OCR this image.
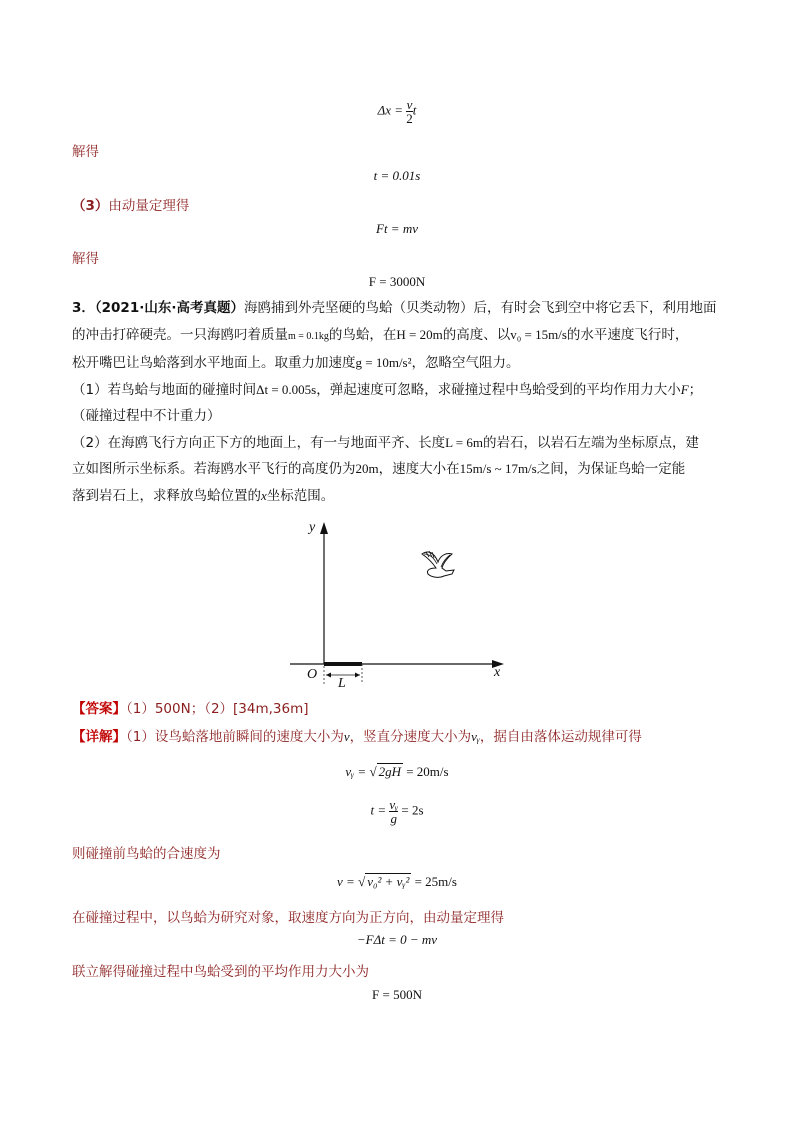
$\Delta x = \frac{v}{2}$ t
解得
t = 0.01s
（3）由动量定理得
Ft = mv
解得
F = 3000N
3．（2021·山东·高考真题）海鸥捕到外壳坚硬的鸟蛤（贝类动物）后，有时会飞到空中将它丢下，利用地面
的冲击打碎硬壳。一只海鸥叼着质量m = 0.1kg的鸟蛤，在H = 20m的高度、以v₀ = 15m/s的水平速度飞行时，
松开嘴巴让鸟蛤落到水平地面上。取重力加速度g = 10m/s²，忽略空气阻力。
（1）若鸟蛤与地面的碰撞时间Δt = 0.005s，弹起速度可忽略，求碰撞过程中鸟蛤受到的平均作用力大小F；
（碰撞过程中不计重力）
（2）在海鸥飞行方向正下方的地面上，有一与地面平齐、长度L = 6m的岩石，以岩石左端为坐标原点，建
立如图所示坐标系。若海鸥水平飞行的高度仍为20m，速度大小在15m/s ~ 17m/s之间，为保证鸟蛤一定能
落到岩石上，求释放鸟蛤位置的x坐标范围。
y
x
O
L
【答案】（1）500N；（2）[34m,36m]
【详解】（1）设鸟蛤落地前瞬间的速度大小为v，竖直分速度大小为vᵧ，据自由落体运动规律可得
vᵧ = √ 2gH = 20m/s
$t = \frac{\text{vᵧ}}{g} = 2s$
则碰撞前鸟蛤的合速度为
v = √ v₀² + vᵧ² = 25m/s
在碰撞过程中，以鸟蛤为研究对象，取速度方向为正方向，由动量定理得
−FΔt = 0 − mv
联立解得碰撞过程中鸟蛤受到的平均作用力大小为
F = 500N
